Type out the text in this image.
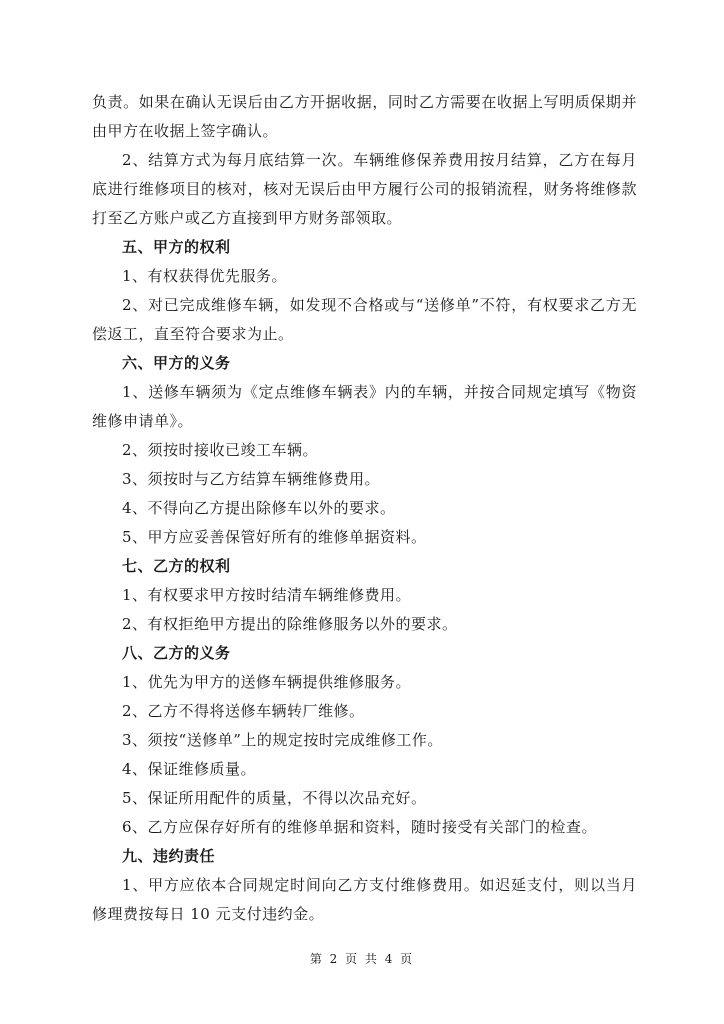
负责。如果在确认无误后由乙方开据收据，同时乙方需要在收据上写明质保期并由甲方在收据上签字确认。

2、结算方式为每月底结算一次。车辆维修保养费用按月结算，乙方在每月底进行维修项目的核对，核对无误后由甲方履行公司的报销流程，财务将维修款打至乙方账户或乙方直接到甲方财务部领取。

五、甲方的权利

1、有权获得优先服务。

2、对已完成维修车辆，如发现不合格或与“送修单”不符，有权要求乙方无偿返工，直至符合要求为止。

六、甲方的义务

1、送修车辆须为《定点维修车辆表》内的车辆，并按合同规定填写《物资维修申请单》。

2、须按时接收已竣工车辆。

3、须按时与乙方结算车辆维修费用。

4、不得向乙方提出除修车以外的要求。

5、甲方应妥善保管好所有的维修单据资料。

七、乙方的权利

1、有权要求甲方按时结清车辆维修费用。

2、有权拒绝甲方提出的除维修服务以外的要求。

八、乙方的义务

1、优先为甲方的送修车辆提供维修服务。

2、乙方不得将送修车辆转厂维修。

3、须按“送修单”上的规定按时完成维修工作。

4、保证维修质量。

5、保证所用配件的质量，不得以次品充好。

6、乙方应保存好所有的维修单据和资料，随时接受有关部门的检查。

九、违约责任

1、甲方应依本合同规定时间向乙方支付维修费用。如迟延支付，则以当月修理费按每日 10 元支付违约金。

第 2 页 共 4 页
